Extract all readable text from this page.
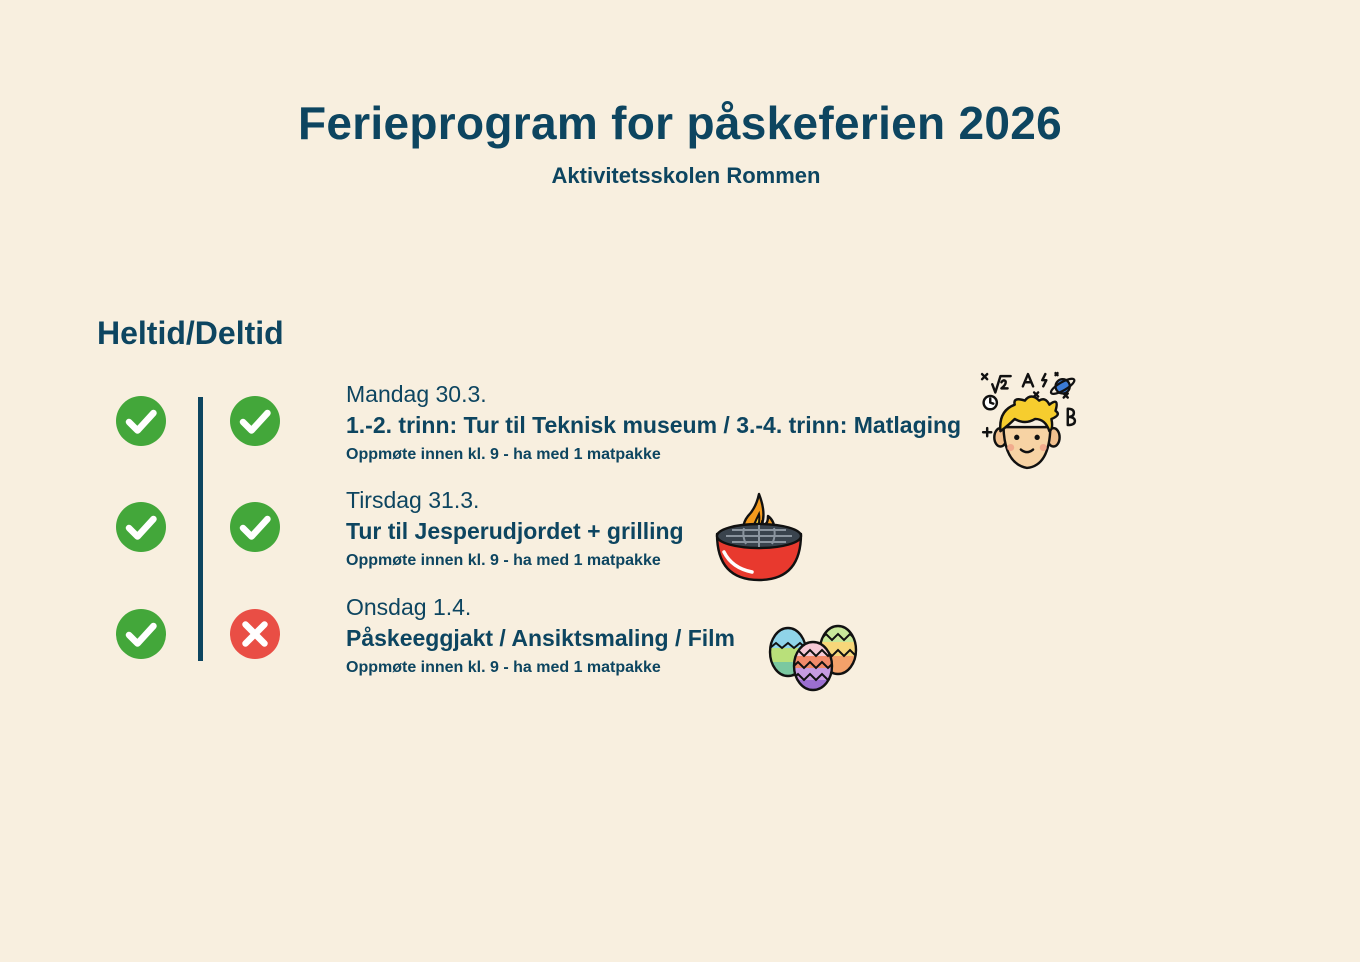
Ferieprogram for påskeferien 2026

Aktivitetsskolen Rommen

Heltid/Deltid

Mandag 30.3.

1.-2. trinn: Tur til Teknisk museum / 3.-4. trinn: Matlaging

Oppmøte innen kl. 9 - ha med 1 matpakke

Tirsdag 31.3.

Tur til Jesperudjordet + grilling

Oppmøte innen kl. 9 - ha med 1 matpakke

Onsdag 1.4.

Påskeeggjakt / Ansiktsmaling / Film

Oppmøte innen kl. 9 - ha med 1 matpakke
